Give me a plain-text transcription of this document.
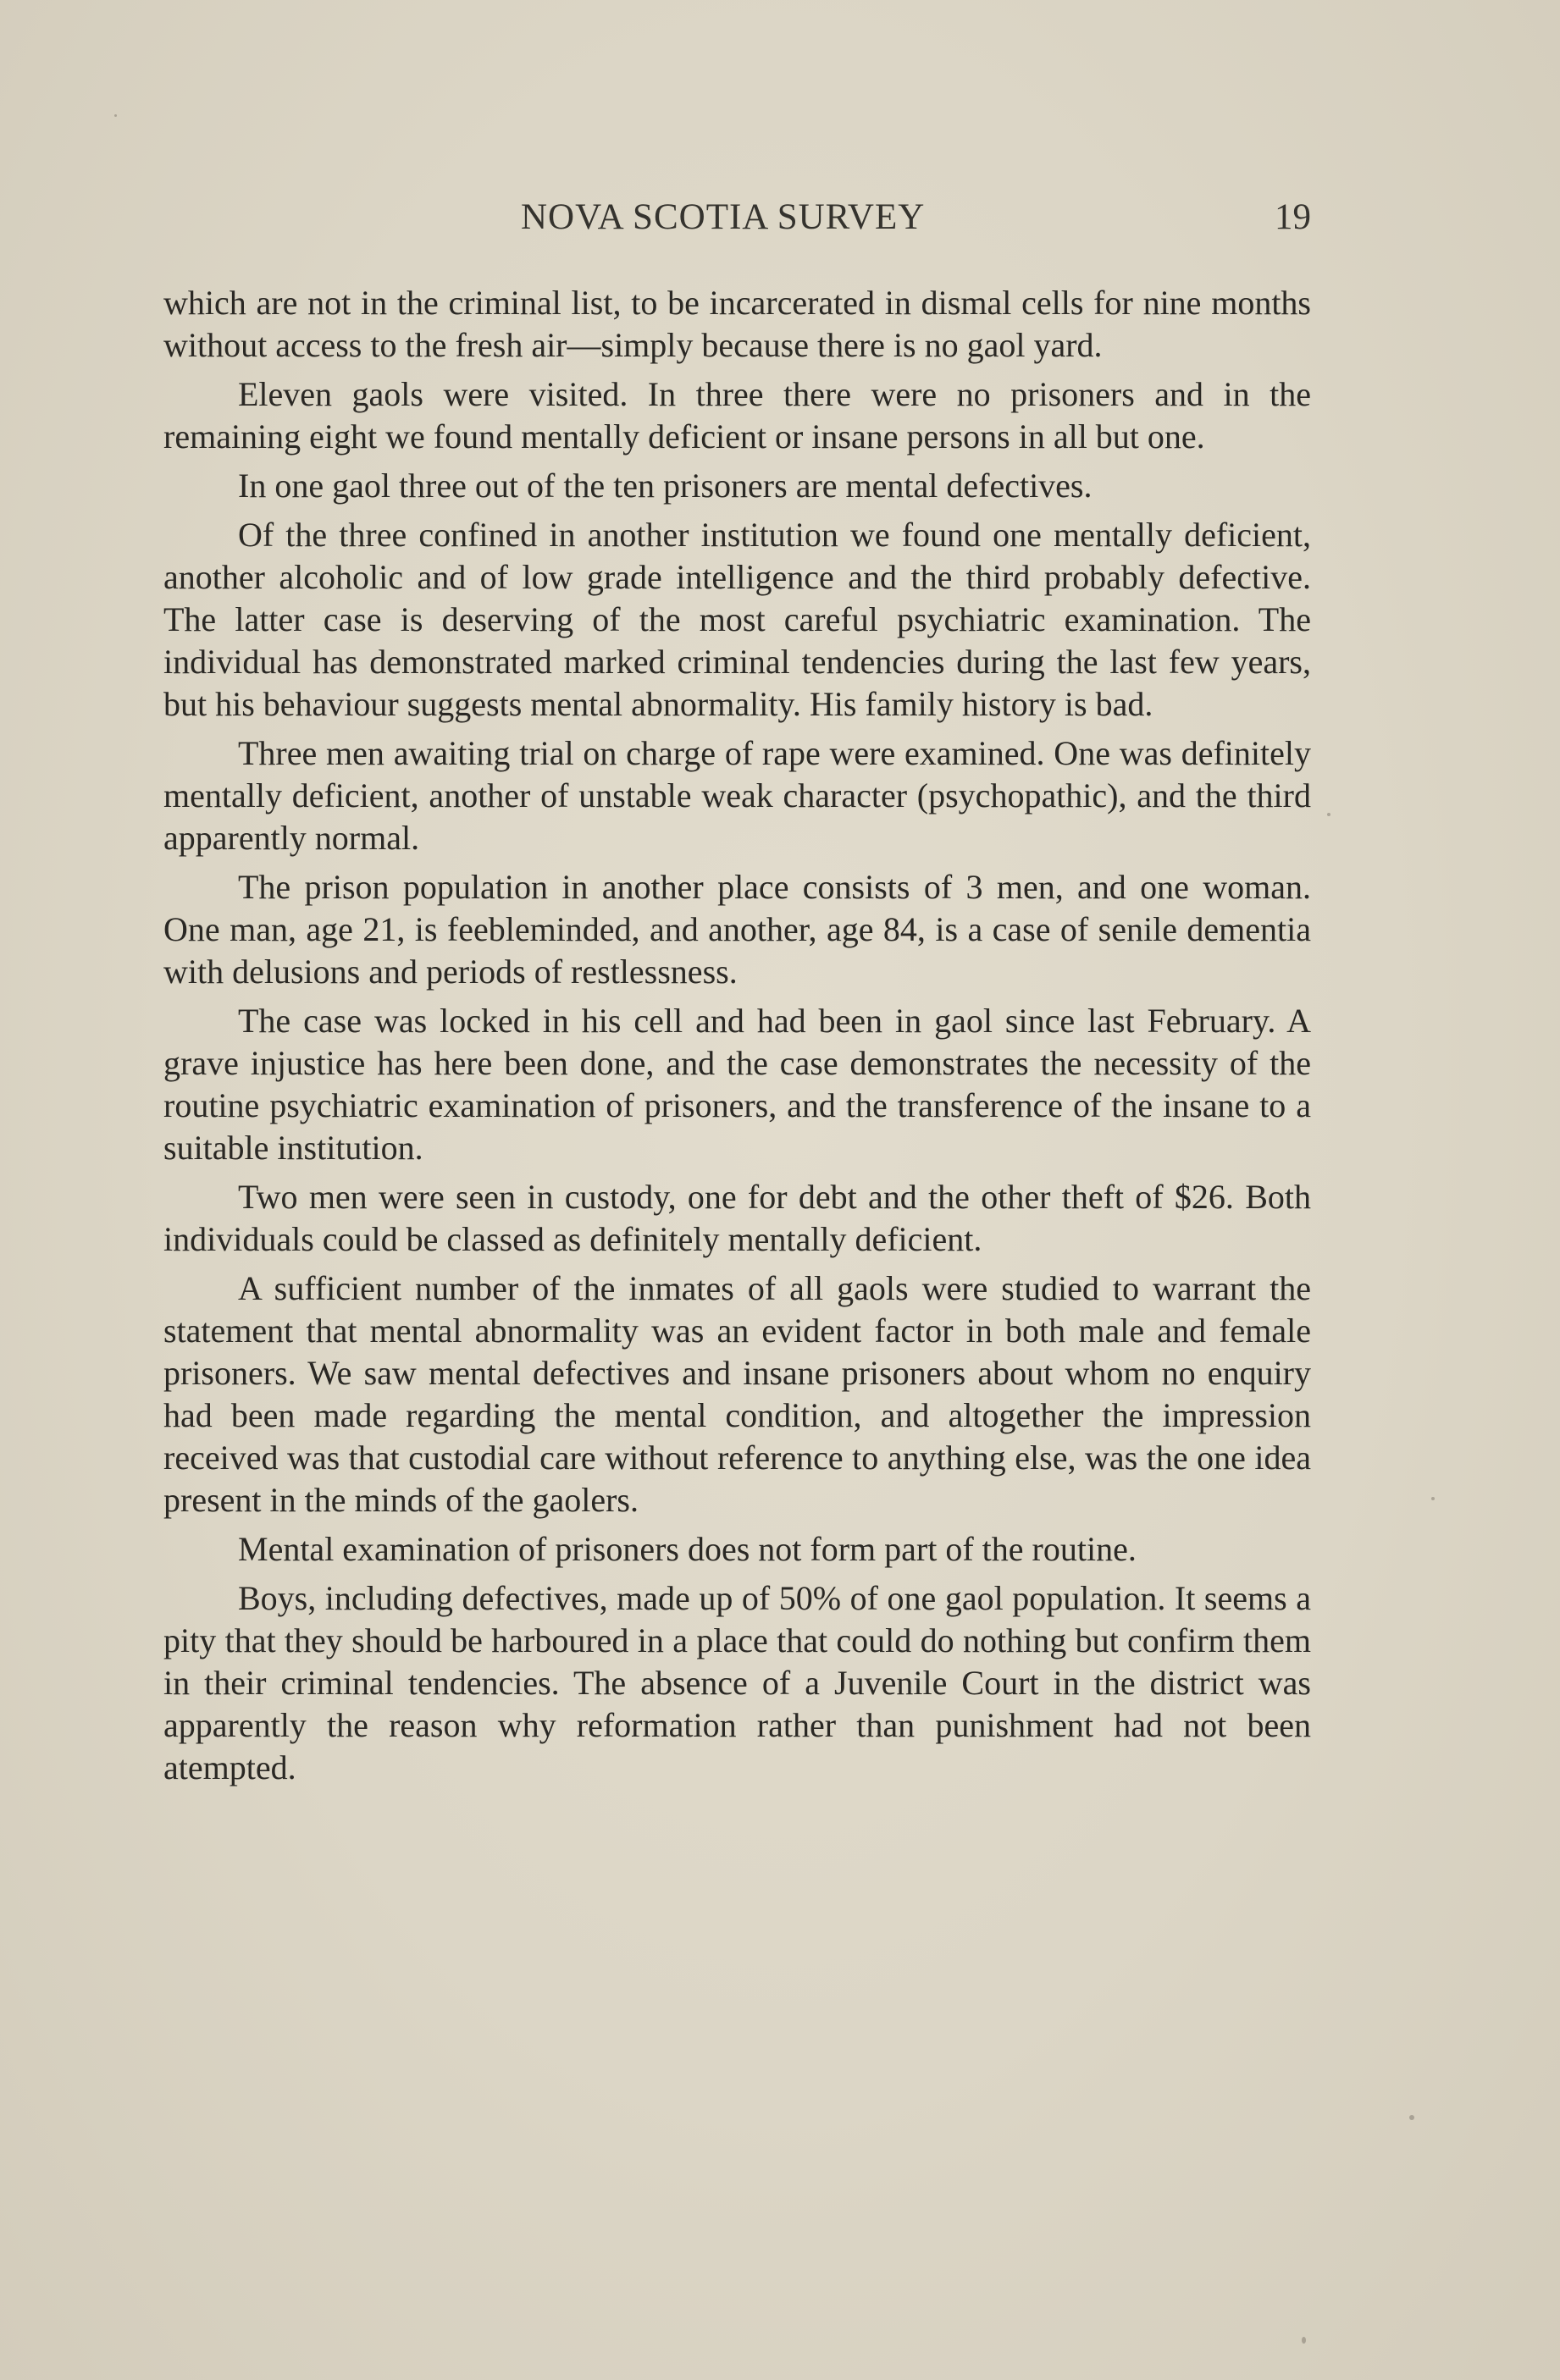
NOVA SCOTIA SURVEY	19

which are not in the criminal list, to be incarcerated in dismal cells for nine months without access to the fresh air—simply because there is no gaol yard.

Eleven gaols were visited. In three there were no prisoners and in the remaining eight we found mentally deficient or insane persons in all but one.

In one gaol three out of the ten prisoners are mental defectives.

Of the three confined in another institution we found one mentally deficient, another alcoholic and of low grade intelligence and the third probably defective. The latter case is deserving of the most careful psychiatric examination. The individual has demonstrated marked criminal tendencies during the last few years, but his behaviour suggests mental abnormality. His family history is bad.

Three men awaiting trial on charge of rape were examined. One was definitely mentally deficient, another of unstable weak character (psychopathic), and the third apparently normal.

The prison population in another place consists of 3 men, and one woman. One man, age 21, is feebleminded, and another, age 84, is a case of senile dementia with delusions and periods of restlessness.

The case was locked in his cell and had been in gaol since last February. A grave injustice has here been done, and the case demonstrates the necessity of the routine psychiatric examination of prisoners, and the transference of the insane to a suitable institution.

Two men were seen in custody, one for debt and the other theft of $26. Both individuals could be classed as definitely mentally deficient.

A sufficient number of the inmates of all gaols were studied to warrant the statement that mental abnormality was an evident factor in both male and female prisoners. We saw mental defectives and insane prisoners about whom no enquiry had been made regarding the mental condition, and altogether the impression received was that custodial care without reference to anything else, was the one idea present in the minds of the gaolers.

Mental examination of prisoners does not form part of the routine.

Boys, including defectives, made up of 50% of one gaol population. It seems a pity that they should be harboured in a place that could do nothing but confirm them in their criminal tendencies. The absence of a Juvenile Court in the district was apparently the reason why reformation rather than punishment had not been atempted.
